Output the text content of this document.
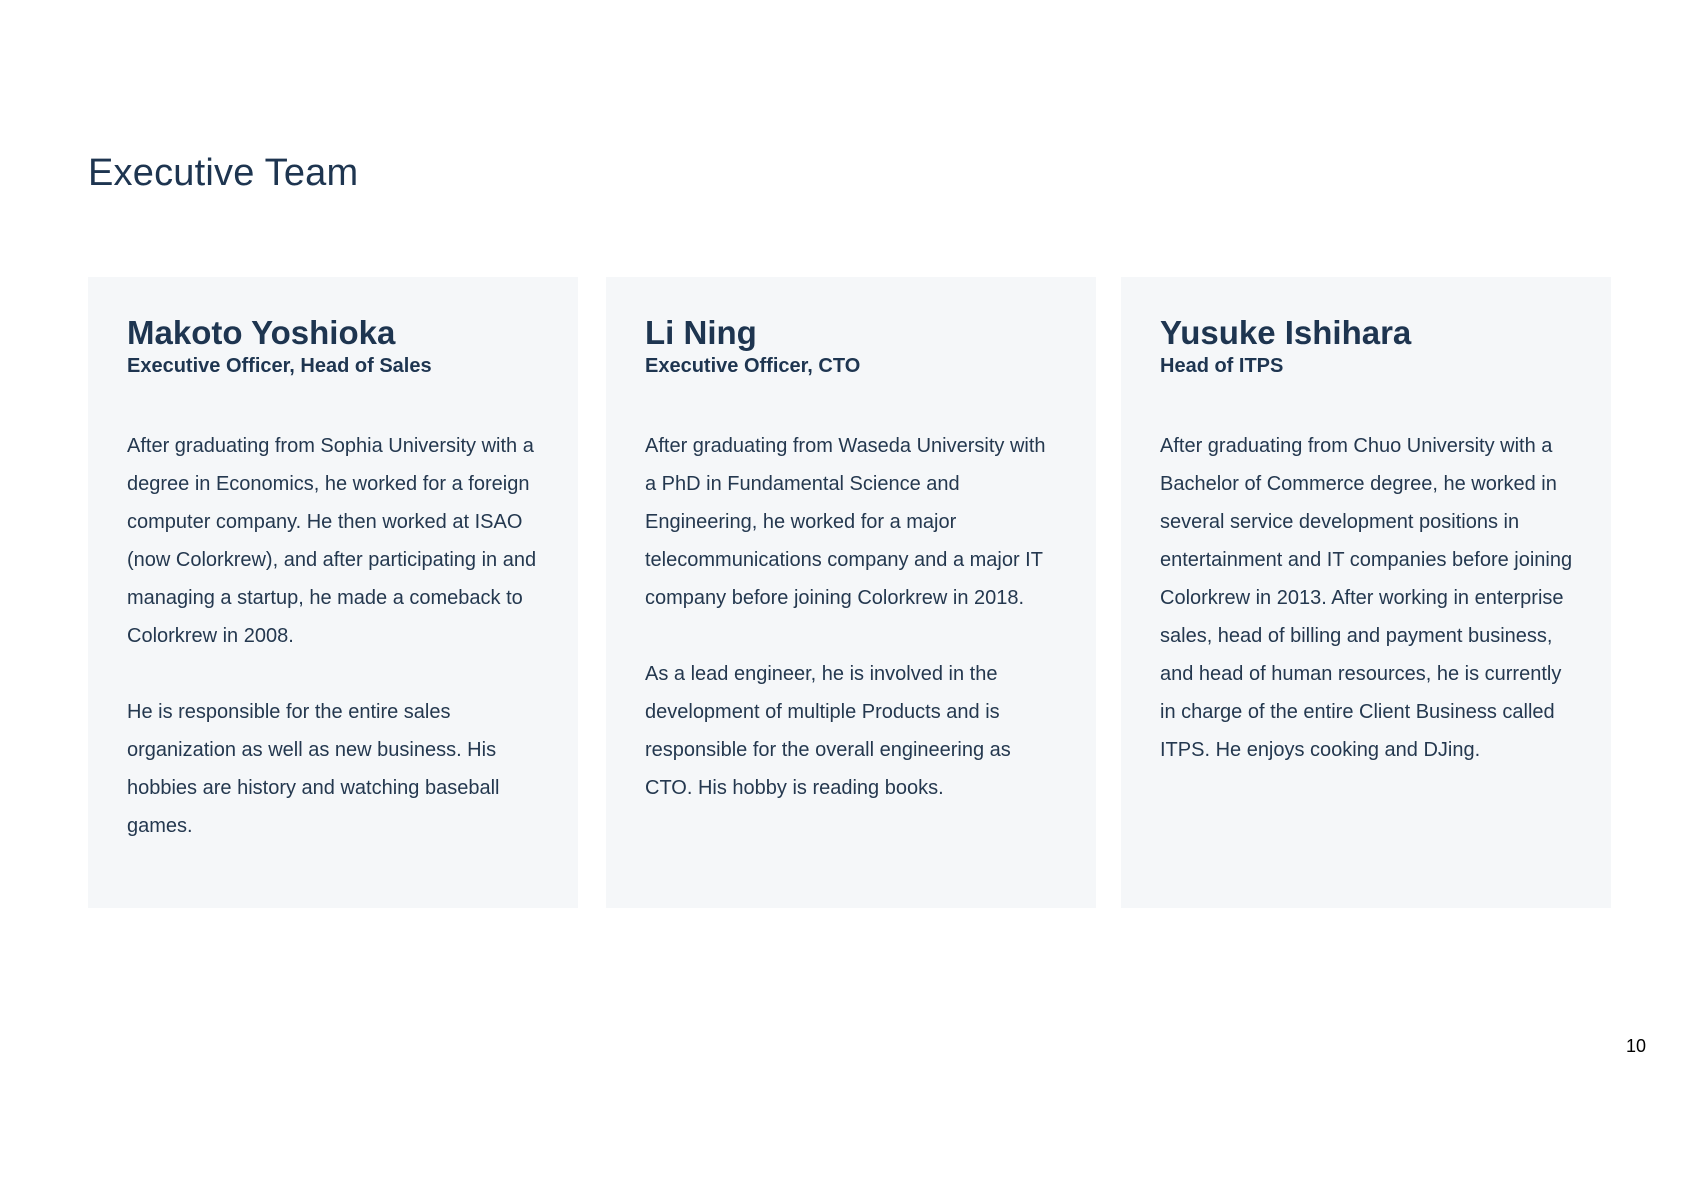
Executive Team
Makoto Yoshioka

Executive Officer, Head of Sales

After graduating from Sophia University with a degree in Economics, he worked for a foreign computer company. He then worked at ISAO (now Colorkrew), and after participating in and managing a startup, he made a comeback to Colorkrew in 2008.

He is responsible for the entire sales organization as well as new business. His hobbies are history and watching baseball games.

Li Ning

Executive Officer, CTO

After graduating from Waseda University with a PhD in Fundamental Science and Engineering, he worked for a major telecommunications company and a major IT company before joining Colorkrew in 2018.

As a lead engineer, he is involved in the development of multiple Products and is responsible for the overall engineering as CTO. His hobby is reading books.

Yusuke Ishihara

Head of ITPS

After graduating from Chuo University with a Bachelor of Commerce degree, he worked in several service development positions in entertainment and IT companies before joining Colorkrew in 2013. After working in enterprise sales, head of billing and payment business, and head of human resources, he is currently in charge of the entire Client Business called ITPS. He enjoys cooking and DJing.

10
